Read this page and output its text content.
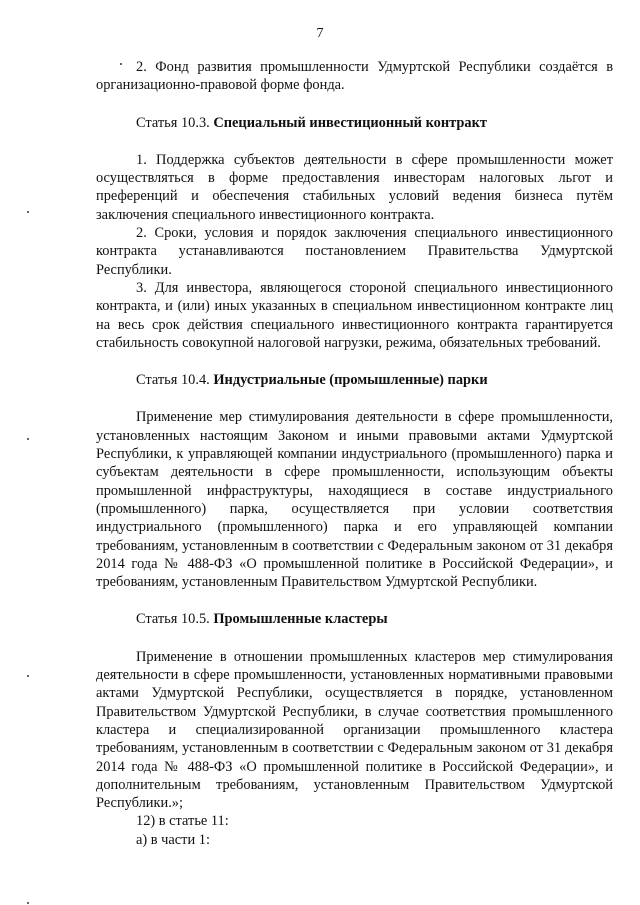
7

2. Фонд развития промышленности Удмуртской Республики создаётся в организационно-правовой форме фонда.

Статья 10.3. Специальный инвестиционный контракт

1. Поддержка субъектов деятельности в сфере промышленности может осуществляться в форме предоставления инвесторам налоговых льгот и преференций и обеспечения стабильных условий ведения бизнеса путём заключения специального инвестиционного контракта.

2. Сроки, условия и порядок заключения специального инвестиционного контракта устанавливаются постановлением Правительства Удмуртской Республики.

3. Для инвестора, являющегося стороной специального инвестиционного контракта, и (или) иных указанных в специальном инвестиционном контракте лиц на весь срок действия специального инвестиционного контракта гарантируется стабильность совокупной налоговой нагрузки, режима, обязательных требований.

Статья 10.4. Индустриальные (промышленные) парки

Применение мер стимулирования деятельности в сфере промышленности, установленных настоящим Законом и иными правовыми актами Удмуртской Республики, к управляющей компании индустриального (промышленного) парка и субъектам деятельности в сфере промышленности, использующим объекты промышленной инфраструктуры, находящиеся в составе индустриального (промышленного) парка, осуществляется при условии соответствия индустриального (промышленного) парка и его управляющей компании требованиям, установленным в соответствии с Федеральным законом от 31 декабря 2014 года № 488-ФЗ «О промышленной политике в Российской Федерации», и требованиям, установленным Правительством Удмуртской Республики.

Статья 10.5. Промышленные кластеры

Применение в отношении промышленных кластеров мер стимулирования деятельности в сфере промышленности, установленных нормативными правовыми актами Удмуртской Республики, осуществляется в порядке, установленном Правительством Удмуртской Республики, в случае соответствия промышленного кластера и специализированной организации промышленного кластера требованиям, установленным в соответствии с Федеральным законом от 31 декабря 2014 года № 488-ФЗ «О промышленной политике в Российской Федерации», и дополнительным требованиям, установленным Правительством Удмуртской Республики.»;

12) в статье 11:

а) в части 1:
